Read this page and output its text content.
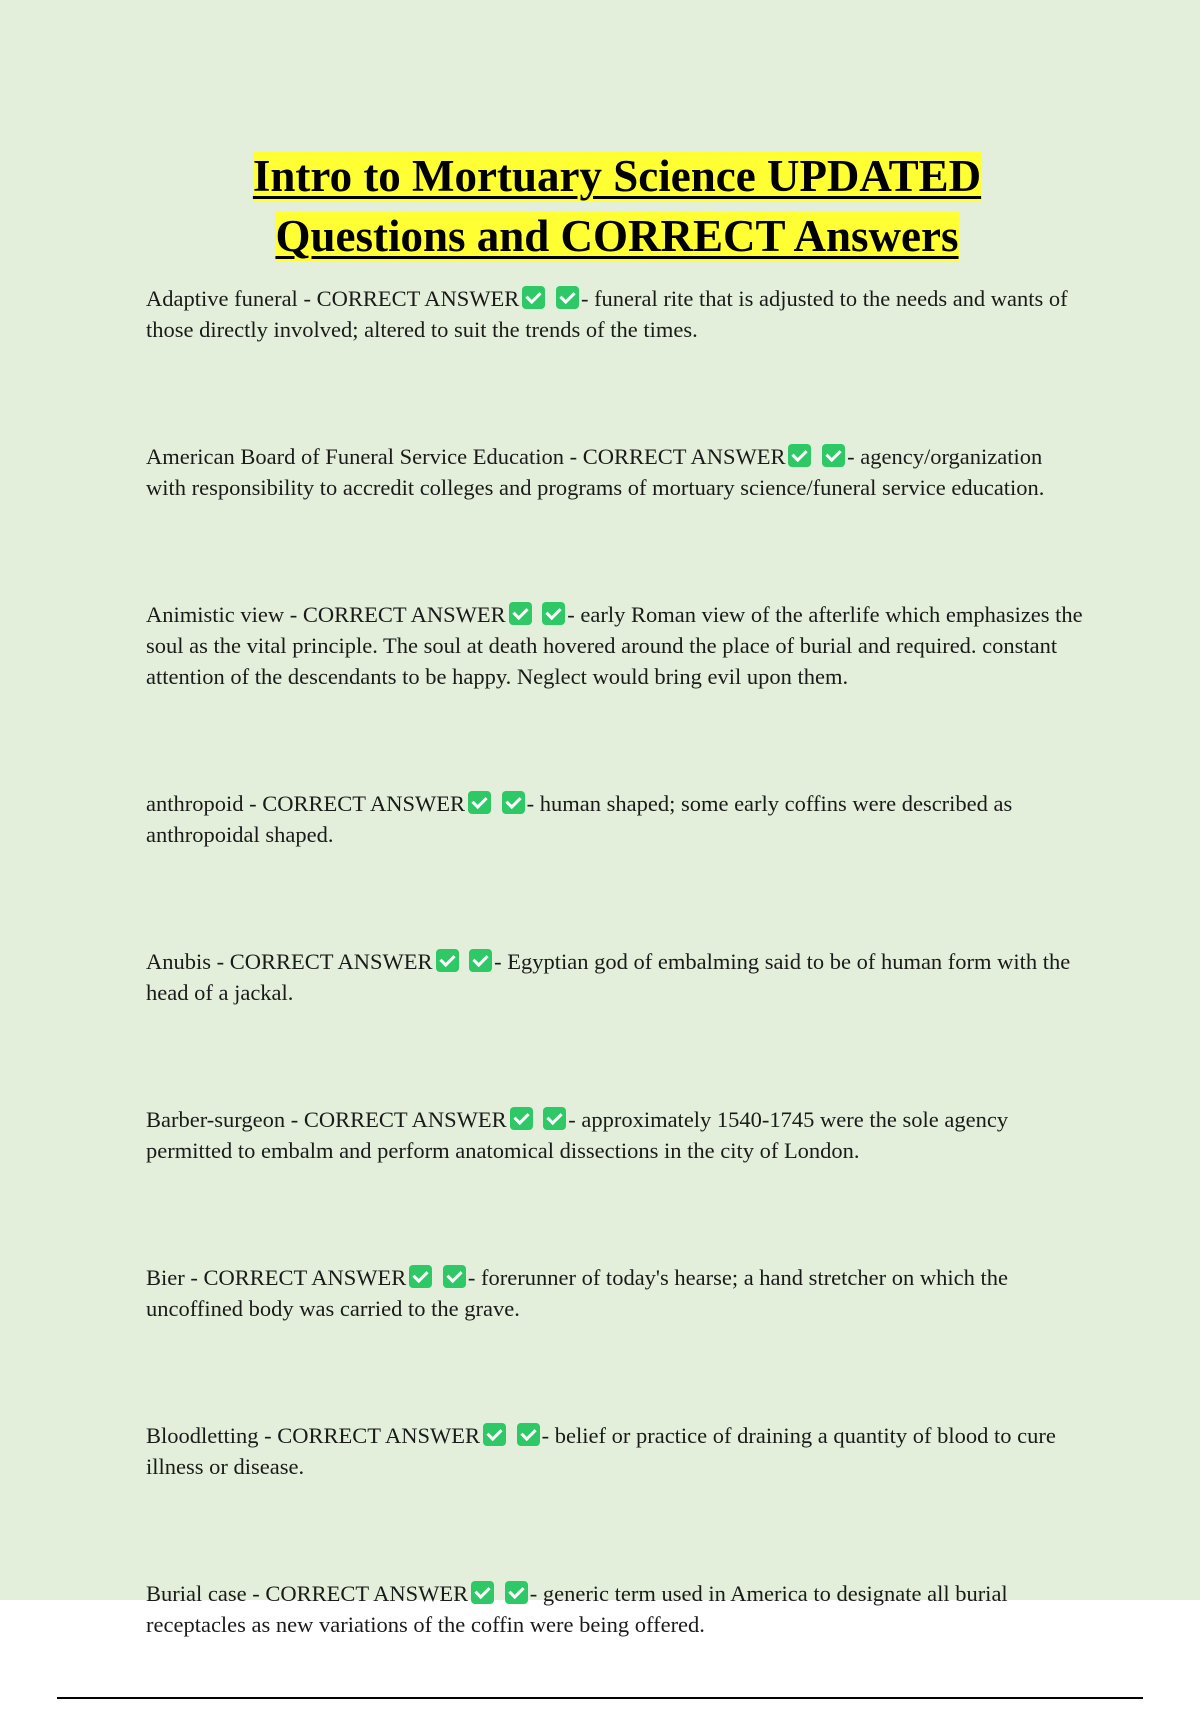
Intro to Mortuary Science UPDATED
Questions and CORRECT Answers

Adaptive funeral - CORRECT ANSWER	- funeral rite that is adjusted to the needs and wants of those directly involved; altered to suit the trends of the times.

American Board of Funeral Service Education - CORRECT ANSWER	- agency/organization with responsibility to accredit colleges and programs of mortuary science/funeral service education.

Animistic view - CORRECT ANSWER	- early Roman view of the afterlife which emphasizes the soul as the vital principle. The soul at death hovered around the place of burial and required. constant attention of the descendants to be happy. Neglect would bring evil upon them.

anthropoid - CORRECT ANSWER	- human shaped; some early coffins were described as anthropoidal shaped.

Anubis - CORRECT ANSWER	- Egyptian god of embalming said to be of human form with the head of a jackal.

Barber-surgeon - CORRECT ANSWER	- approximately 1540-1745 were the sole agency permitted to embalm and perform anatomical dissections in the city of London.

Bier - CORRECT ANSWER	- forerunner of today's hearse; a hand stretcher on which the uncoffined body was carried to the grave.

Bloodletting - CORRECT ANSWER	- belief or practice of draining a quantity of blood to cure illness or disease.

Burial case - CORRECT ANSWER	- generic term used in America to designate all burial receptacles as new variations of the coffin were being offered.
